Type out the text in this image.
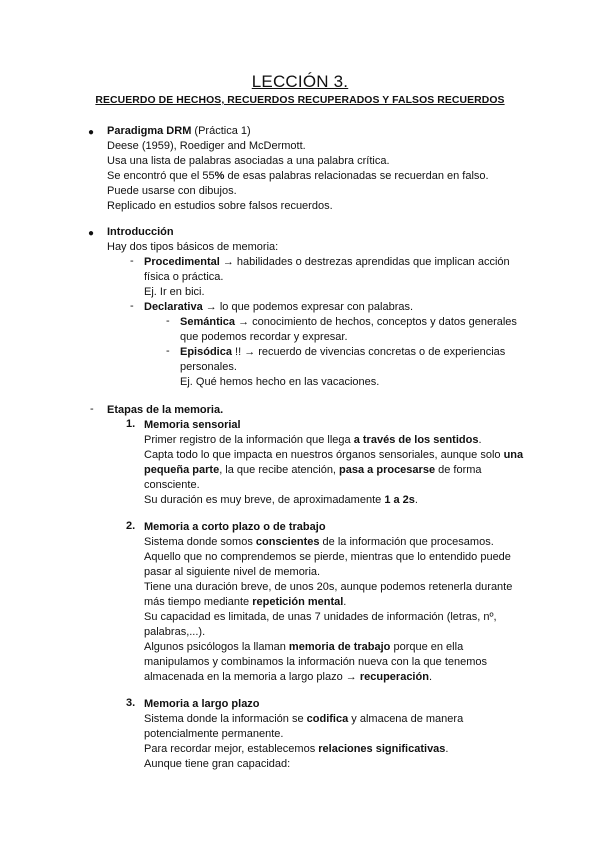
LECCIÓN 3.
RECUERDO DE HECHOS, RECUERDOS RECUPERADOS Y FALSOS RECUERDOS
● Paradigma DRM (Práctica 1)
Deese (1959), Roediger and McDermott.
Usa una lista de palabras asociadas a una palabra crítica.
Se encontró que el 55% de esas palabras relacionadas se recuerdan en falso.
Puede usarse con dibujos.
Replicado en estudios sobre falsos recuerdos.
● Introducción
Hay dos tipos básicos de memoria:
- Procedimental → habilidades o destrezas aprendidas que implican acción
física o práctica.
Ej. Ir en bici.
- Declarativa → lo que podemos expresar con palabras.
- Semántica → conocimiento de hechos, conceptos y datos generales
que podemos recordar y expresar.
- Episódica !! → recuerdo de vivencias concretas o de experiencias
personales.
Ej. Qué hemos hecho en las vacaciones.
- Etapas de la memoria.
1. Memoria sensorial
Primer registro de la información que llega a través de los sentidos.
Capta todo lo que impacta en nuestros órganos sensoriales, aunque solo una
pequeña parte, la que recibe atención, pasa a procesarse de forma
consciente.
Su duración es muy breve, de aproximadamente 1 a 2s.
2. Memoria a corto plazo o de trabajo
Sistema donde somos conscientes de la información que procesamos.
Aquello que no comprendemos se pierde, mientras que lo entendido puede
pasar al siguiente nivel de memoria.
Tiene una duración breve, de unos 20s, aunque podemos retenerla durante
más tiempo mediante repetición mental.
Su capacidad es limitada, de unas 7 unidades de información (letras, nº,
palabras,...).
Algunos psicólogos la llaman memoria de trabajo porque en ella
manipulamos y combinamos la información nueva con la que tenemos
almacenada en la memoria a largo plazo → recuperación.
3. Memoria a largo plazo
Sistema donde la información se codifica y almacena de manera
potencialmente permanente.
Para recordar mejor, establecemos relaciones significativas.
Aunque tiene gran capacidad:
